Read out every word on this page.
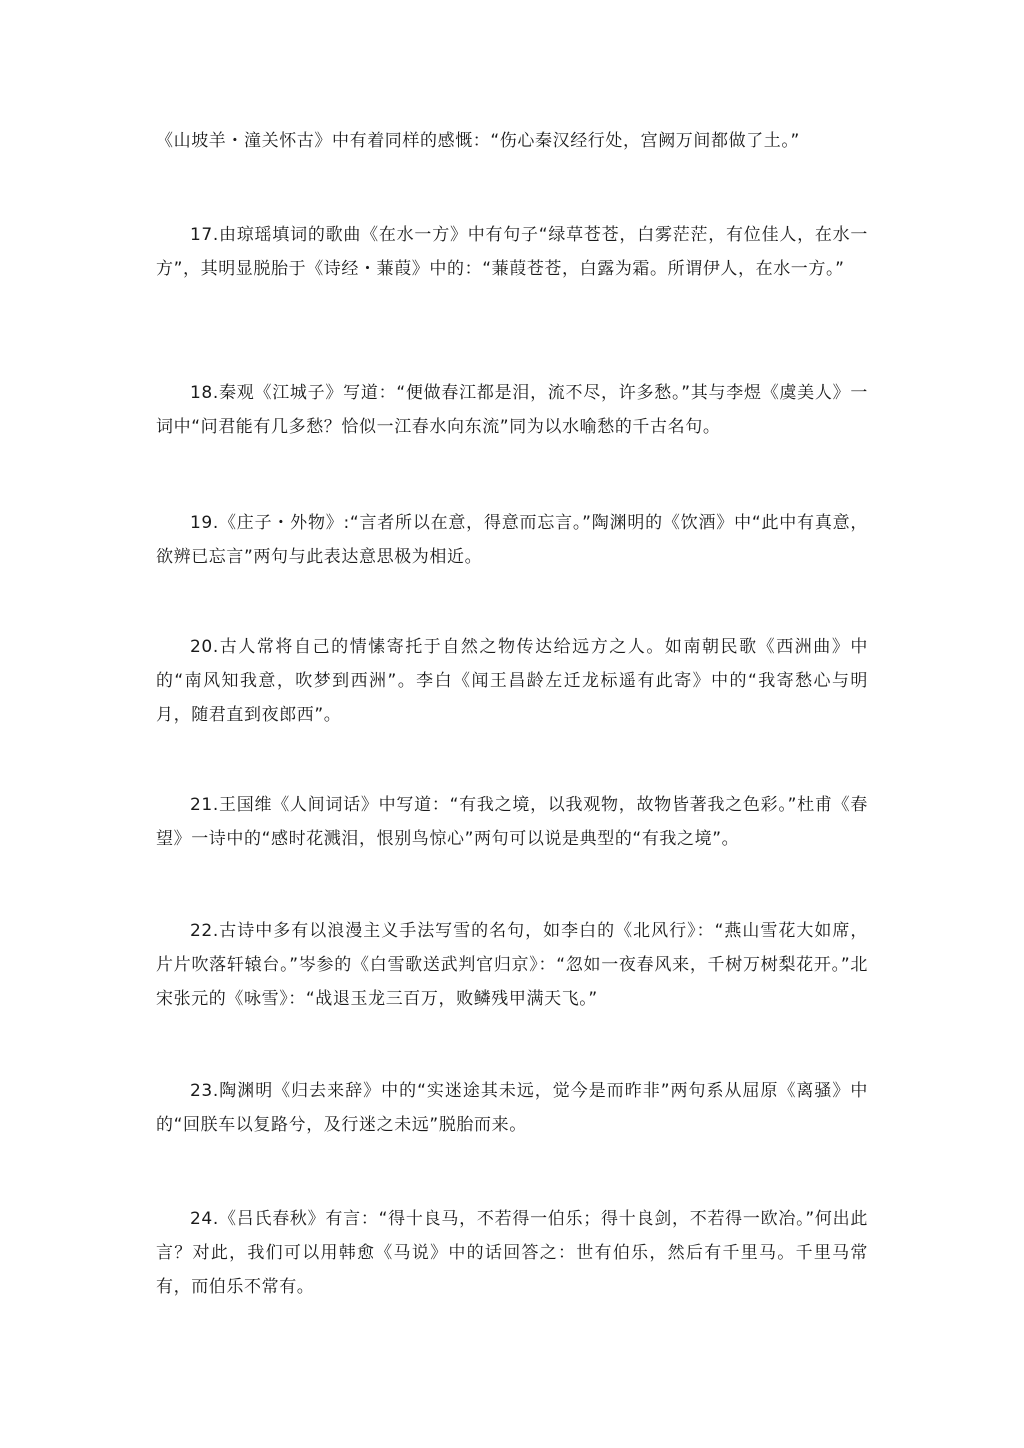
《山坡羊・潼关怀古》中有着同样的感慨：“伤心秦汉经行处，宫阙万间都做了土。”

17.由琼瑶填词的歌曲《在水一方》中有句子“绿草苍苍，白雾茫茫，有位佳人，在水一方”，其明显脱胎于《诗经・蒹葭》中的：“蒹葭苍苍，白露为霜。所谓伊人，在水一方。”

18.秦观《江城子》写道：“便做春江都是泪，流不尽，许多愁。”其与李煜《虞美人》一词中“问君能有几多愁？恰似一江春水向东流”同为以水喻愁的千古名句。

19.《庄子・外物》:“言者所以在意，得意而忘言。”陶渊明的《饮酒》中“此中有真意，欲辨已忘言”两句与此表达意思极为相近。

20.古人常将自己的情愫寄托于自然之物传达给远方之人。如南朝民歌《西洲曲》中的“南风知我意，吹梦到西洲”。李白《闻王昌龄左迁龙标遥有此寄》中的“我寄愁心与明月，随君直到夜郎西”。

21.王国维《人间词话》中写道：“有我之境，以我观物，故物皆著我之色彩。”杜甫《春望》一诗中的“感时花溅泪，恨别鸟惊心”两句可以说是典型的“有我之境”。

22.古诗中多有以浪漫主义手法写雪的名句，如李白的《北风行》：“燕山雪花大如席，片片吹落轩辕台。”岑参的《白雪歌送武判官归京》：“忽如一夜春风来，千树万树梨花开。”北宋张元的《咏雪》：“战退玉龙三百万，败鳞残甲满天飞。”

23.陶渊明《归去来辞》中的“实迷途其未远，觉今是而昨非”两句系从屈原《离骚》中的“回朕车以复路兮，及行迷之未远”脱胎而来。

24.《吕氏春秋》有言：“得十良马，不若得一伯乐；得十良剑，不若得一欧冶。”何出此言？对此，我们可以用韩愈《马说》中的话回答之：世有伯乐，然后有千里马。千里马常有，而伯乐不常有。
